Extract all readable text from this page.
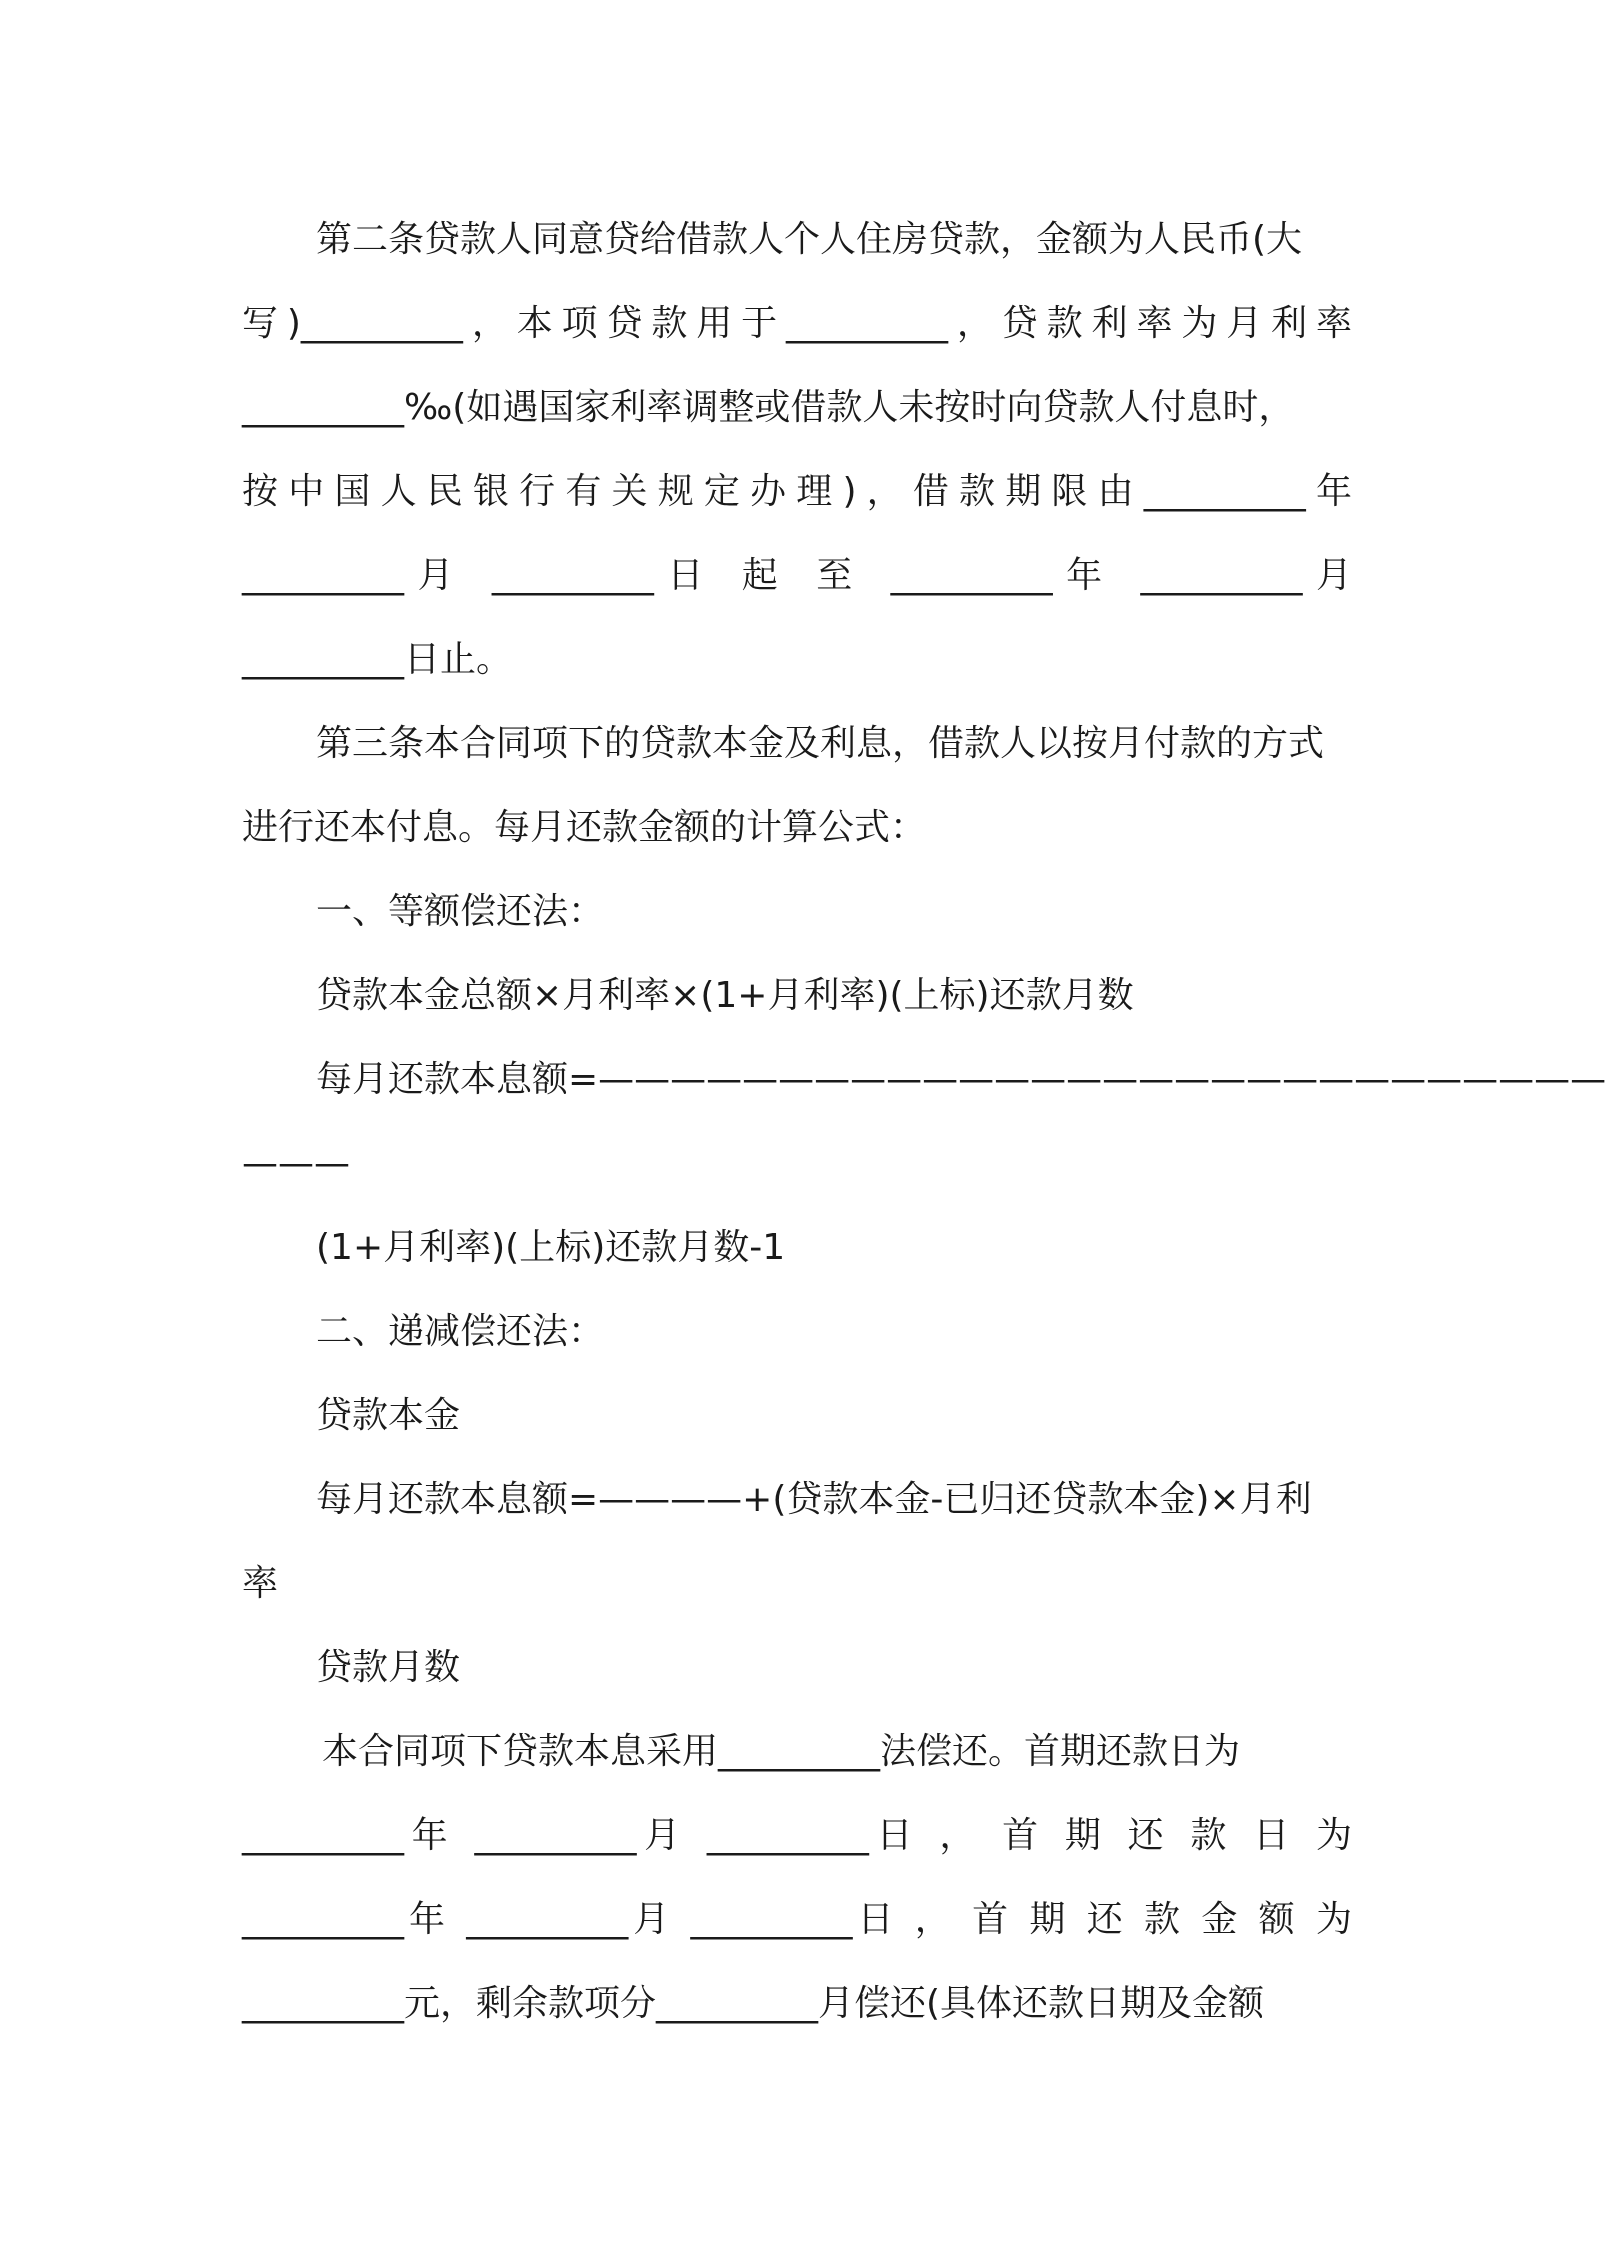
第二条贷款人同意贷给借款人个人住房贷款，金额为人民币(大
写)_________，本项贷款用于_________，贷款利率为月利率
_________‰(如遇国家利率调整或借款人未按时向贷款人付息时，
按中国人民银行有关规定办理)，借款期限由_________年
_________月 _________日 起 至 _________年 _________月
_________日止。
第三条本合同项下的贷款本金及利息，借款人以按月付款的方式
进行还本付息。每月还款金额的计算公式：
一、等额偿还法：
贷款本金总额×月利率×(1+月利率)(上标)还款月数
每月还款本息额=————————————————————————————
———
(1+月利率)(上标)还款月数-1
二、递减偿还法：
贷款本金
每月还款本息额=————+(贷款本金-已归还贷款本金)×月利
率
贷款月数
本合同项下贷款本息采用_________法偿还。首期还款日为
_________年 _________月 _________日 ， 首 期 还 款 日 为
_________年 _________月 _________日 ， 首 期 还 款 金 额 为
_________元，剩余款项分_________月偿还(具体还款日期及金额
